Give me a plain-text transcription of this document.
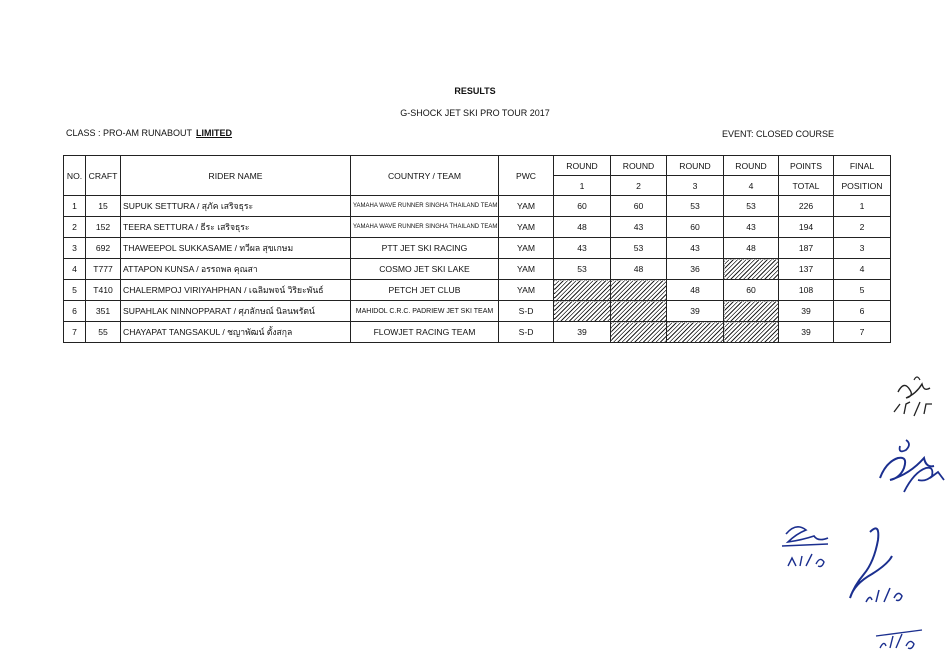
RESULTS
G-SHOCK JET SKI PRO TOUR 2017
CLASS : PRO-AM RUNABOUT LIMITED	EVENT: CLOSED COURSE
NO.	CRAFT	RIDER NAME	COUNTRY / TEAM	PWC	ROUND	ROUND	ROUND	ROUND	POINTS	FINAL
					1	2	3	4	TOTAL	POSITION
1	15	SUPUK SETTURA / สุภัค เสริจธุระ	YAMAHA WAVE RUNNER SINGHA THAILAND TEAM	YAM	60	60	53	53	226	1
2	152	TEERA SETTURA / ธีระ เสริจธุระ	YAMAHA WAVE RUNNER SINGHA THAILAND TEAM	YAM	48	43	60	43	194	2
3	692	THAWEEPOL SUKKASAME / ทวีผล สุขเกษม	PTT JET SKI RACING	YAM	43	53	43	48	187	3
4	T777	ATTAPON KUNSA / อรรถพล คุณสา	COSMO JET SKI LAKE	YAM	53	48	36		137	4
5	T410	CHALERMPOJ VIRIYAHPHAN / เฉลิมพจน์ วิริยะพันธ์	PETCH JET CLUB	YAM			48	60	108	5
6	351	SUPAHLAK NINNOPPARAT / ศุภลักษณ์ นิลนพรัตน์	MAHIDOL C.R.C. PADRIEW JET SKI TEAM	S-D			39		39	6
7	55	CHAYAPAT TANGSAKUL / ชญาพัฒน์ ตั้งสกุล	FLOWJET RACING TEAM	S-D	39				39	7
